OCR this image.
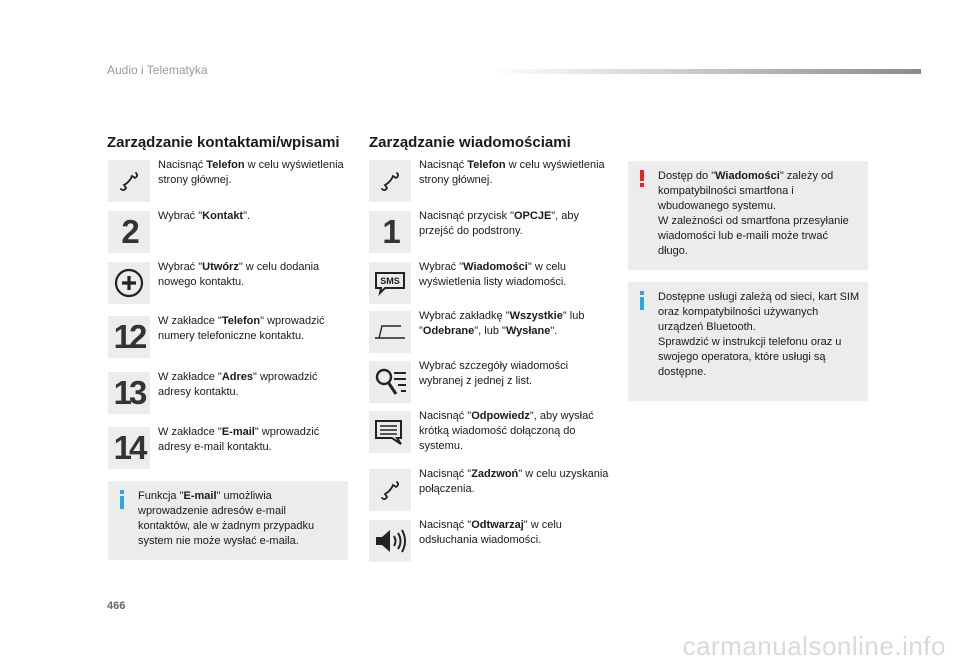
Audio i Telematyka
Zarządzanie kontaktami/wpisami
Nacisnąć Telefon w celu wyświetlenia strony głównej.
2 Wybrać "Kontakt".
Wybrać "Utwórz" w celu dodania nowego kontaktu.
12 W zakładce "Telefon" wprowadzić numery telefoniczne kontaktu.
13 W zakładce "Adres" wprowadzić adresy kontaktu.
14 W zakładce "E-mail" wprowadzić adresy e-mail kontaktu.
Funkcja "E-mail" umożliwia wprowadzenie adresów e-mail kontaktów, ale w żadnym przypadku system nie może wysłać e-maila.
Zarządzanie wiadomościami
Nacisnąć Telefon w celu wyświetlenia strony głównej.
1 Nacisnąć przycisk "OPCJE", aby przejść do podstrony.
SMS
Wybrać "Wiadomości" w celu wyświetlenia listy wiadomości.
Wybrać zakładkę "Wszystkie" lub "Odebrane", lub "Wysłane".
Wybrać szczegóły wiadomości wybranej z jednej z list.
Nacisnąć "Odpowiedz", aby wysłać krótką wiadomość dołączoną do systemu.
Nacisnąć "Zadzwoń" w celu uzyskania połączenia.
Nacisnąć "Odtwarzaj" w celu odsłuchania wiadomości.
Dostęp do "Wiadomości" zależy od kompatybilności smartfona i wbudowanego systemu.
W zależności od smartfona przesyłanie wiadomości lub e-maili może trwać długo.
Dostępne usługi zależą od sieci, kart SIM oraz kompatybilności używanych urządzeń Bluetooth.
Sprawdzić w instrukcji telefonu oraz u swojego operatora, które usługi są dostępne.
466
carmanualsonline.info
